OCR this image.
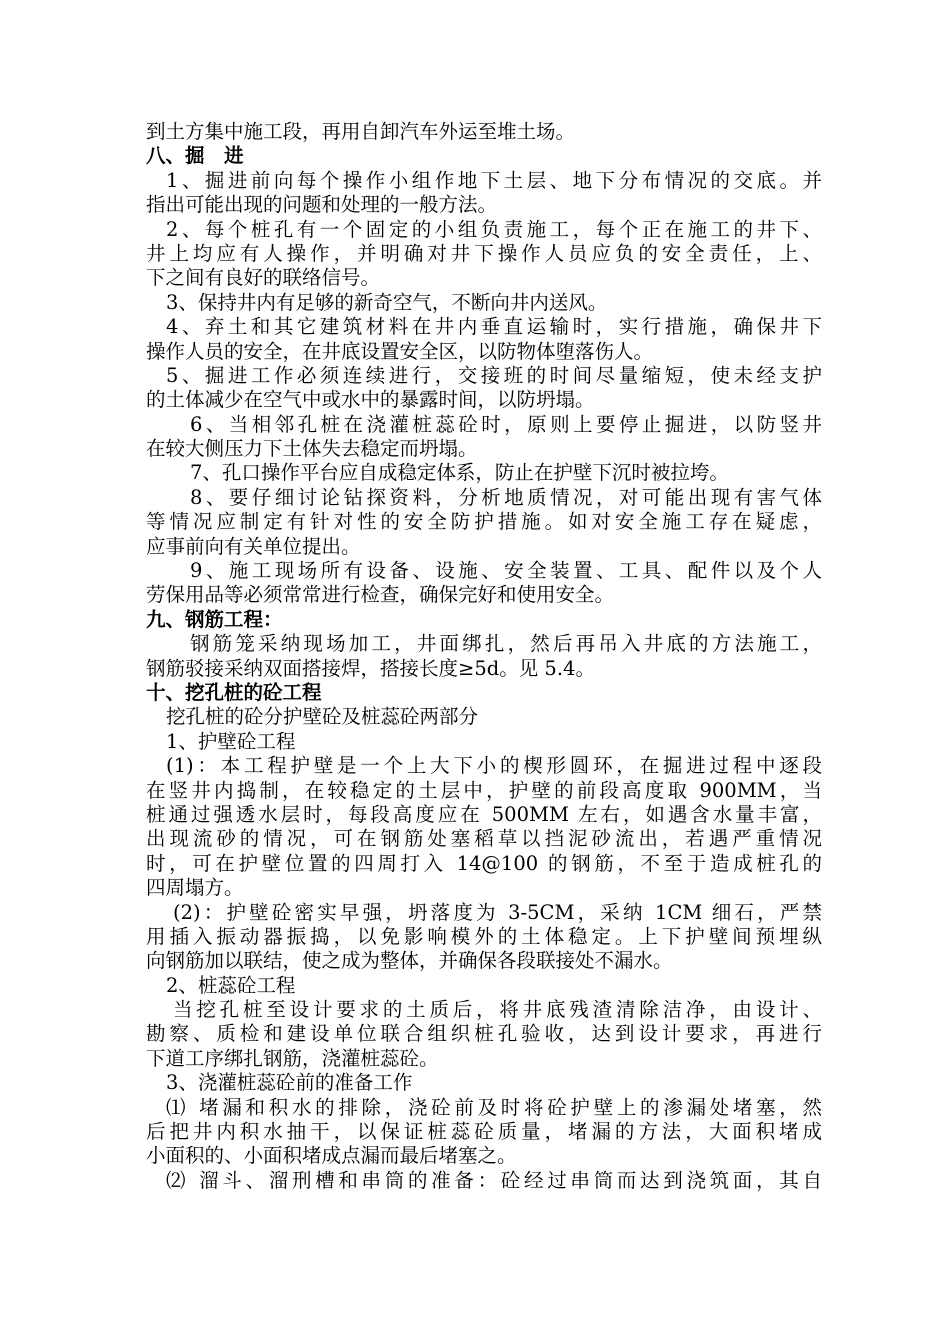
到土方集中施工段，再用自卸汽车外运至堆土场。
八、掘　进
1、掘进前向每个操作小组作地下土层、地下分布情况的交底。并
指出可能出现的问题和处理的一般方法。
2、每个桩孔有一个固定的小组负责施工，每个正在施工的井下、
井上均应有人操作，并明确对井下操作人员应负的安全责任，上、
下之间有良好的联络信号。
3、保持井内有足够的新奇空气，不断向井内送风。
4、弃土和其它建筑材料在井内垂直运输时，实行措施，确保井下
操作人员的安全，在井底设置安全区，以防物体堕落伤人。
5、掘进工作必须连续进行，交接班的时间尽量缩短，使未经支护
的土体减少在空气中或水中的暴露时间，以防坍塌。
6、当相邻孔桩在浇灌桩蕊砼时，原则上要停止掘进，以防竖井
在较大侧压力下土体失去稳定而坍塌。
7、孔口操作平台应自成稳定体系，防止在护壁下沉时被拉垮。
8、要仔细讨论钻探资料，分析地质情况，对可能出现有害气体
等情况应制定有针对性的安全防护措施。如对安全施工存在疑虑，
应事前向有关单位提出。
9、施工现场所有设备、设施、安全装置、工具、配件以及个人
劳保用品等必须常常进行检查，确保完好和使用安全。
九、钢筋工程：
钢筋笼采纳现场加工，井面绑扎，然后再吊入井底的方法施工，
钢筋驳接采纳双面搭接焊，搭接长度≥5d。见 5.4。
十、挖孔桩的砼工程
挖孔桩的砼分护壁砼及桩蕊砼两部分
1、护壁砼工程
(1)：本工程护壁是一个上大下小的楔形圆环，在掘进过程中逐段
在竖井内捣制，在较稳定的土层中，护壁的前段高度取 900MM，当
桩通过强透水层时，每段高度应在 500MM 左右，如遇含水量丰富，
出现流砂的情况，可在钢筋处塞稻草以挡泥砂流出，若遇严重情况
时，可在护壁位置的四周打入 14@100 的钢筋，不至于造成桩孔的
四周塌方。
(2)：护壁砼密实早强，坍落度为 3-5CM，采纳 1CM 细石，严禁
用插入振动器振捣，以免影响模外的土体稳定。上下护壁间预埋纵
向钢筋加以联结，使之成为整体，并确保各段联接处不漏水。
2、桩蕊砼工程
当挖孔桩至设计要求的土质后，将井底残渣清除洁净，由设计、
勘察、质检和建设单位联合组织桩孔验收，达到设计要求，再进行
下道工序绑扎钢筋，浇灌桩蕊砼。
3、浇灌桩蕊砼前的准备工作
⑴ 堵漏和积水的排除，浇砼前及时将砼护壁上的渗漏处堵塞，然
后把井内积水抽干，以保证桩蕊砼质量，堵漏的方法，大面积堵成
小面积的、小面积堵成点漏而最后堵塞之。
⑵ 溜斗、溜刑槽和串筒的准备：砼经过串筒而达到浇筑面，其自
